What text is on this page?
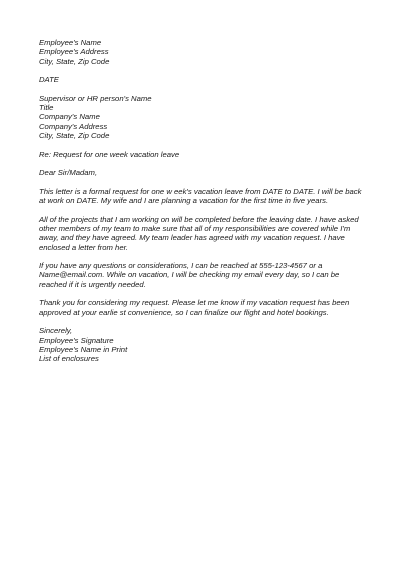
Employee's Name
Employee's Address
City, State, Zip Code
DATE
Supervisor or HR person's Name
Title
Company's Name
Company's Address
City, State, Zip Code
Re: Request for one week vacation leave
Dear Sir/Madam,
This letter is a formal request for one w eek's vacation leave from DATE to DATE. I will be back at work on DATE. My wife and I are planning a vacation for the first time in five years.
All of the projects that I am working on will be completed before the leaving date. I have asked other members of my team to make sure that all of my responsibilities are covered while I'm away, and they have agreed. My team leader has agreed with my vacation request. I have enclosed a letter from her.
If you have any questions or considerations, I can be reached at 555-123-4567 or a Name@email.com. While on vacation, I will be checking my email every day, so I can be reached if it is urgently needed.
Thank you for considering my request. Please let me know if my vacation request has been approved at your earlie st convenience, so I can finalize our flight and hotel bookings.
Sincerely,
Employee's Signature
Employee's Name in Print
List of enclosures
